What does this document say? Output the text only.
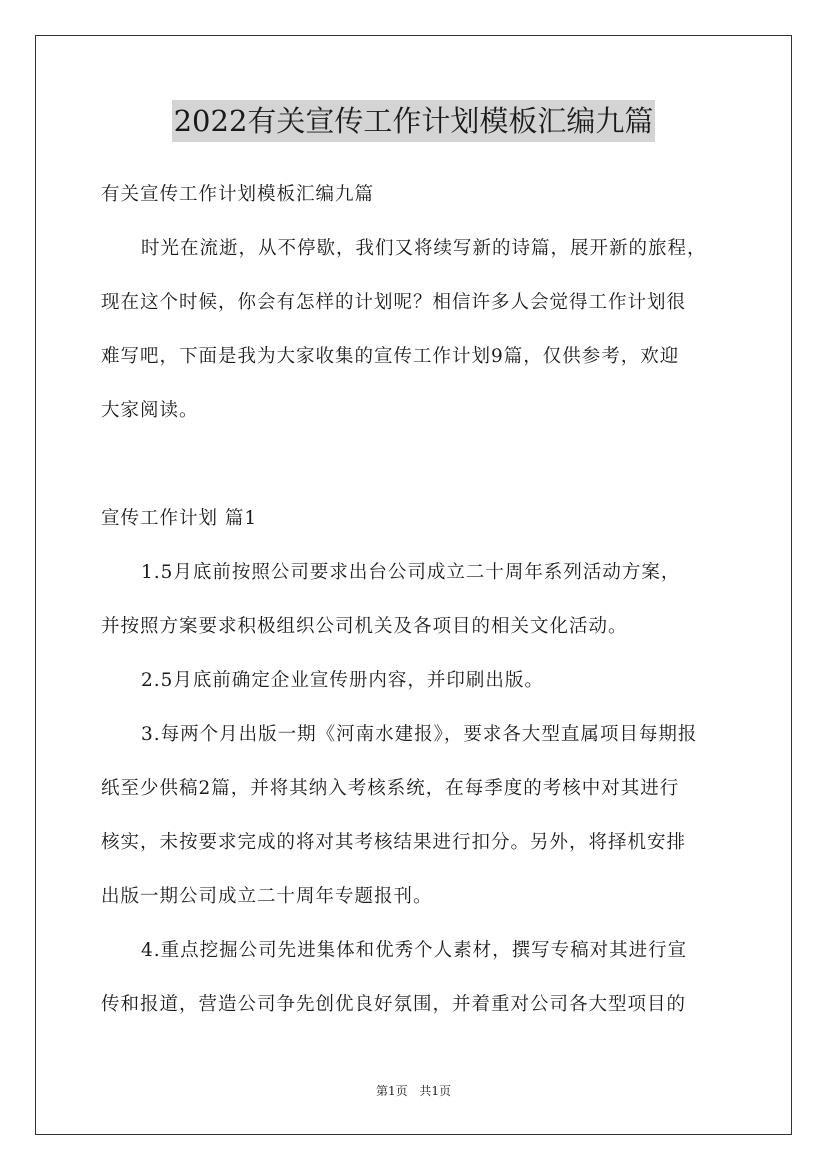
2022有关宣传工作计划模板汇编九篇
有关宣传工作计划模板汇编九篇
时光在流逝，从不停歇，我们又将续写新的诗篇，展开新的旅程，
现在这个时候，你会有怎样的计划呢？相信许多人会觉得工作计划很
难写吧，下面是我为大家收集的宣传工作计划9篇，仅供参考，欢迎
大家阅读。
宣传工作计划 篇1
1.5月底前按照公司要求出台公司成立二十周年系列活动方案，
并按照方案要求积极组织公司机关及各项目的相关文化活动。
2.5月底前确定企业宣传册内容，并印刷出版。
3.每两个月出版一期《河南水建报》，要求各大型直属项目每期报
纸至少供稿2篇，并将其纳入考核系统，在每季度的考核中对其进行
核实，未按要求完成的将对其考核结果进行扣分。另外，将择机安排
出版一期公司成立二十周年专题报刊。
4.重点挖掘公司先进集体和优秀个人素材，撰写专稿对其进行宣
传和报道，营造公司争先创优良好氛围，并着重对公司各大型项目的
第1页 共1页
